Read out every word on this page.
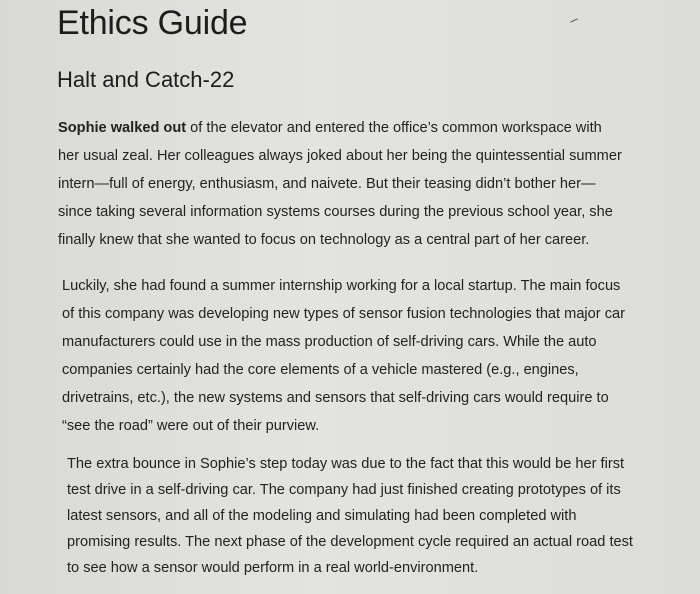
Ethics Guide
Halt and Catch-22

Sophie walked out of the elevator and entered the office’s common workspace with
her usual zeal. Her colleagues always joked about her being the quintessential summer
intern—full of energy, enthusiasm, and naivete. But their teasing didn’t bother her—
since taking several information systems courses during the previous school year, she
finally knew that she wanted to focus on technology as a central part of her career.

Luckily, she had found a summer internship working for a local startup. The main focus
of this company was developing new types of sensor fusion technologies that major car
manufacturers could use in the mass production of self-driving cars. While the auto
companies certainly had the core elements of a vehicle mastered (e.g., engines,
drivetrains, etc.), the new systems and sensors that self-driving cars would require to
“see the road” were out of their purview.

The extra bounce in Sophie’s step today was due to the fact that this would be her first
test drive in a self-driving car. The company had just finished creating prototypes of its
latest sensors, and all of the modeling and simulating had been completed with
promising results. The next phase of the development cycle required an actual road test
to see how a sensor would perform in a real world-environment.
